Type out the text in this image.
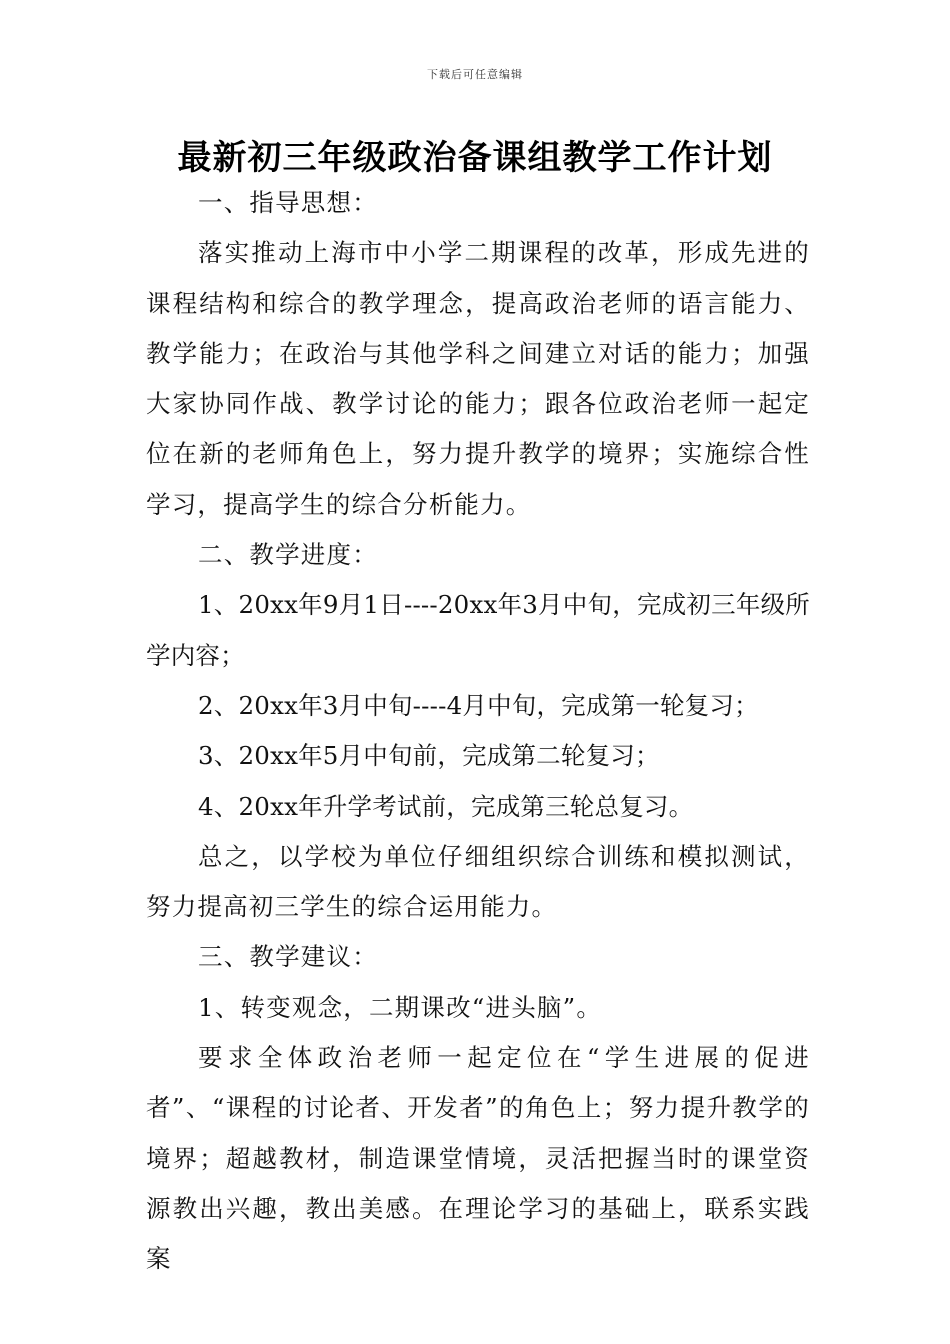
下载后可任意编辑
最新初三年级政治备课组教学工作计划

一、指导思想：

落实推动上海市中小学二期课程的改革，形成先进的课程结构和综合的教学理念，提高政治老师的语言能力、教学能力；在政治与其他学科之间建立对话的能力；加强大家协同作战、教学讨论的能力；跟各位政治老师一起定位在新的老师角色上，努力提升教学的境界；实施综合性学习，提高学生的综合分析能力。

二、教学进度：

1、20xx年9月1日----20xx年3月中旬，完成初三年级所学内容；

2、20xx年3月中旬----4月中旬，完成第一轮复习；

3、20xx年5月中旬前，完成第二轮复习；

4、20xx年升学考试前，完成第三轮总复习。

总之，以学校为单位仔细组织综合训练和模拟测试，努力提高初三学生的综合运用能力。

三、教学建议：

1、转变观念，二期课改“进头脑”。

要求全体政治老师一起定位在“学生进展的促进者”、“课程的讨论者、开发者”的角色上；努力提升教学的境界；超越教材，制造课堂情境，灵活把握当时的课堂资源教出兴趣，教出美感。在理论学习的基础上，联系实践案
